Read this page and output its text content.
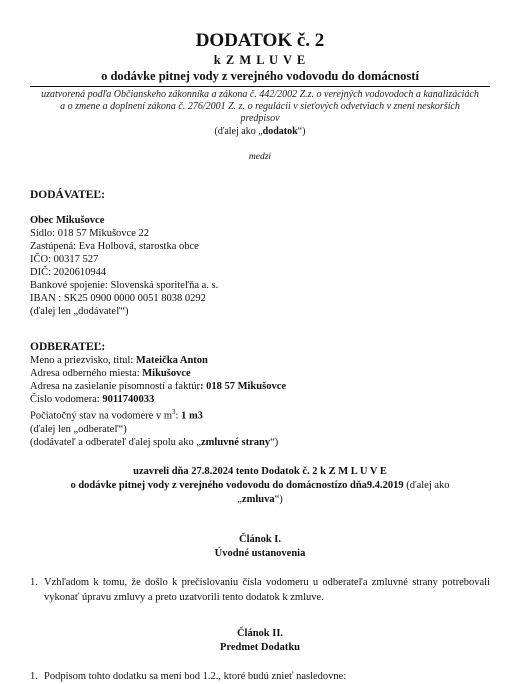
DODATOK č. 2
k Z M L U V E
o dodávke pitnej vody z verejného vodovodu do domácností
uzatvorená podľa Občianskeho zákonníka a zákona č. 442/2002 Z.z. o verejných vodovodoch a kanalizáciách
a o zmene a doplnení zákona č. 276/2001 Z. z. o regulácii v sieťových odvetviach v znení neskorších
predpisov
(ďalej ako „dodatok“)
medzi
DODÁVATEĽ:
Obec Mikušovce
Sídlo: 018 57 Mikušovce 22
Zastúpená: Eva Holbová, starostka obce
IČO: 00317 527
DIČ: 2020610944
Bankové spojenie: Slovenská sporiteľňa a. s.
IBAN : SK25 0900 0000 0051 8038 0292
(ďalej len „dodávateľ“)
ODBERATEĽ:
Meno a priezvisko, titul: Mateička Anton
Adresa odberného miesta: Mikušovce
Adresa na zasielanie písomností a faktúr: 018 57 Mikušovce
Číslo vodomera: 9011740033
Počiatočný stav na vodomere v $m^3$: 1 m3
(ďalej len „odberateľ“)
(dodávateľ a odberateľ ďalej spolu ako „zmluvné strany“)
uzavreli dňa 27.8.2024 tento Dodatok č. 2 k Z M L U V E
o dodávke pitnej vody z verejného vodovodu do domácnostízo dňa9.4.2019 (ďalej ako
„zmluva“)
Článok I.
Úvodné ustanovenia
1. Vzhľadom k tomu, že došlo k prečíslovaniu čísla vodomeru u odberateľa zmluvné strany potrebovali vykonať úpravu zmluvy a preto uzatvorili tento dodatok k zmluve.
Článok II.
Predmet Dodatku
1. Podpisom tohto dodatku sa mení bod 1.2., ktoré budú znieť nasledovne:
